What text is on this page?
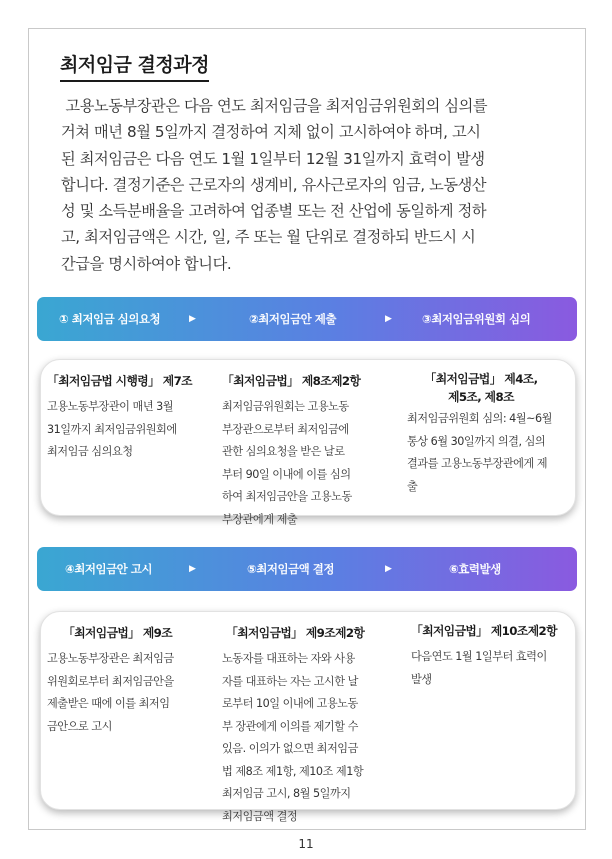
최저임금 결정과정

고용노동부장관은 다음 연도 최저임금을 최저임금위원회의 심의를

거쳐 매년 8월 5일까지 결정하여 지체 없이 고시하여야 하며, 고시

된 최저임금은 다음 연도 1월 1일부터 12월 31일까지 효력이 발생

합니다. 결정기준은 근로자의 생계비, 유사근로자의 임금, 노동생산

성 및 소득분배율을 고려하여 업종별 또는 전 산업에 동일하게 정하

고, 최저임금액은 시간, 일, 주 또는 월 단위로 결정하되 반드시 시

간급을 명시하여야 합니다.

① 최저임금 심의요청	▶	②최저임금안 제출	▶	③최저임금위원회 심의
「최저임금법 시행령」 제7조
고용노동부장관이 매년 3월
31일까지 최저임금위원회에
최저임금 심의요청
「최저임금법」 제8조제2항
최저임금위원회는 고용노동
부장관으로부터 최저임금에
관한 심의요청을 받은 날로
부터 90일 이내에 이를 심의
하여 최저임금안을 고용노동
부장관에게 제출
「최저임금법」 제4조,
제5조, 제8조
최저임금위원회 심의: 4월~6월
통상 6월 30일까지 의결, 심의
결과를 고용노동부장관에게 제
출
④최저임금안 고시	▶	⑤최저임금액 결정	▶	⑥효력발생
「최저임금법」 제9조
고용노동부장관은 최저임금
위원회로부터 최저임금안을
제출받은 때에 이를 최저임
금안으로 고시
「최저임금법」 제9조제2항
노동자를 대표하는 자와 사용
자를 대표하는 자는 고시한 날
로부터 10일 이내에 고용노동
부 장관에게 이의를 제기할 수
있음. 이의가 없으면 최저임금
법 제8조 제1항, 제10조 제1항
최저임금 고시, 8월 5일까지
최저임금액 결정
「최저임금법」 제10조제2항
다음연도 1월 1일부터 효력이
발생
11
